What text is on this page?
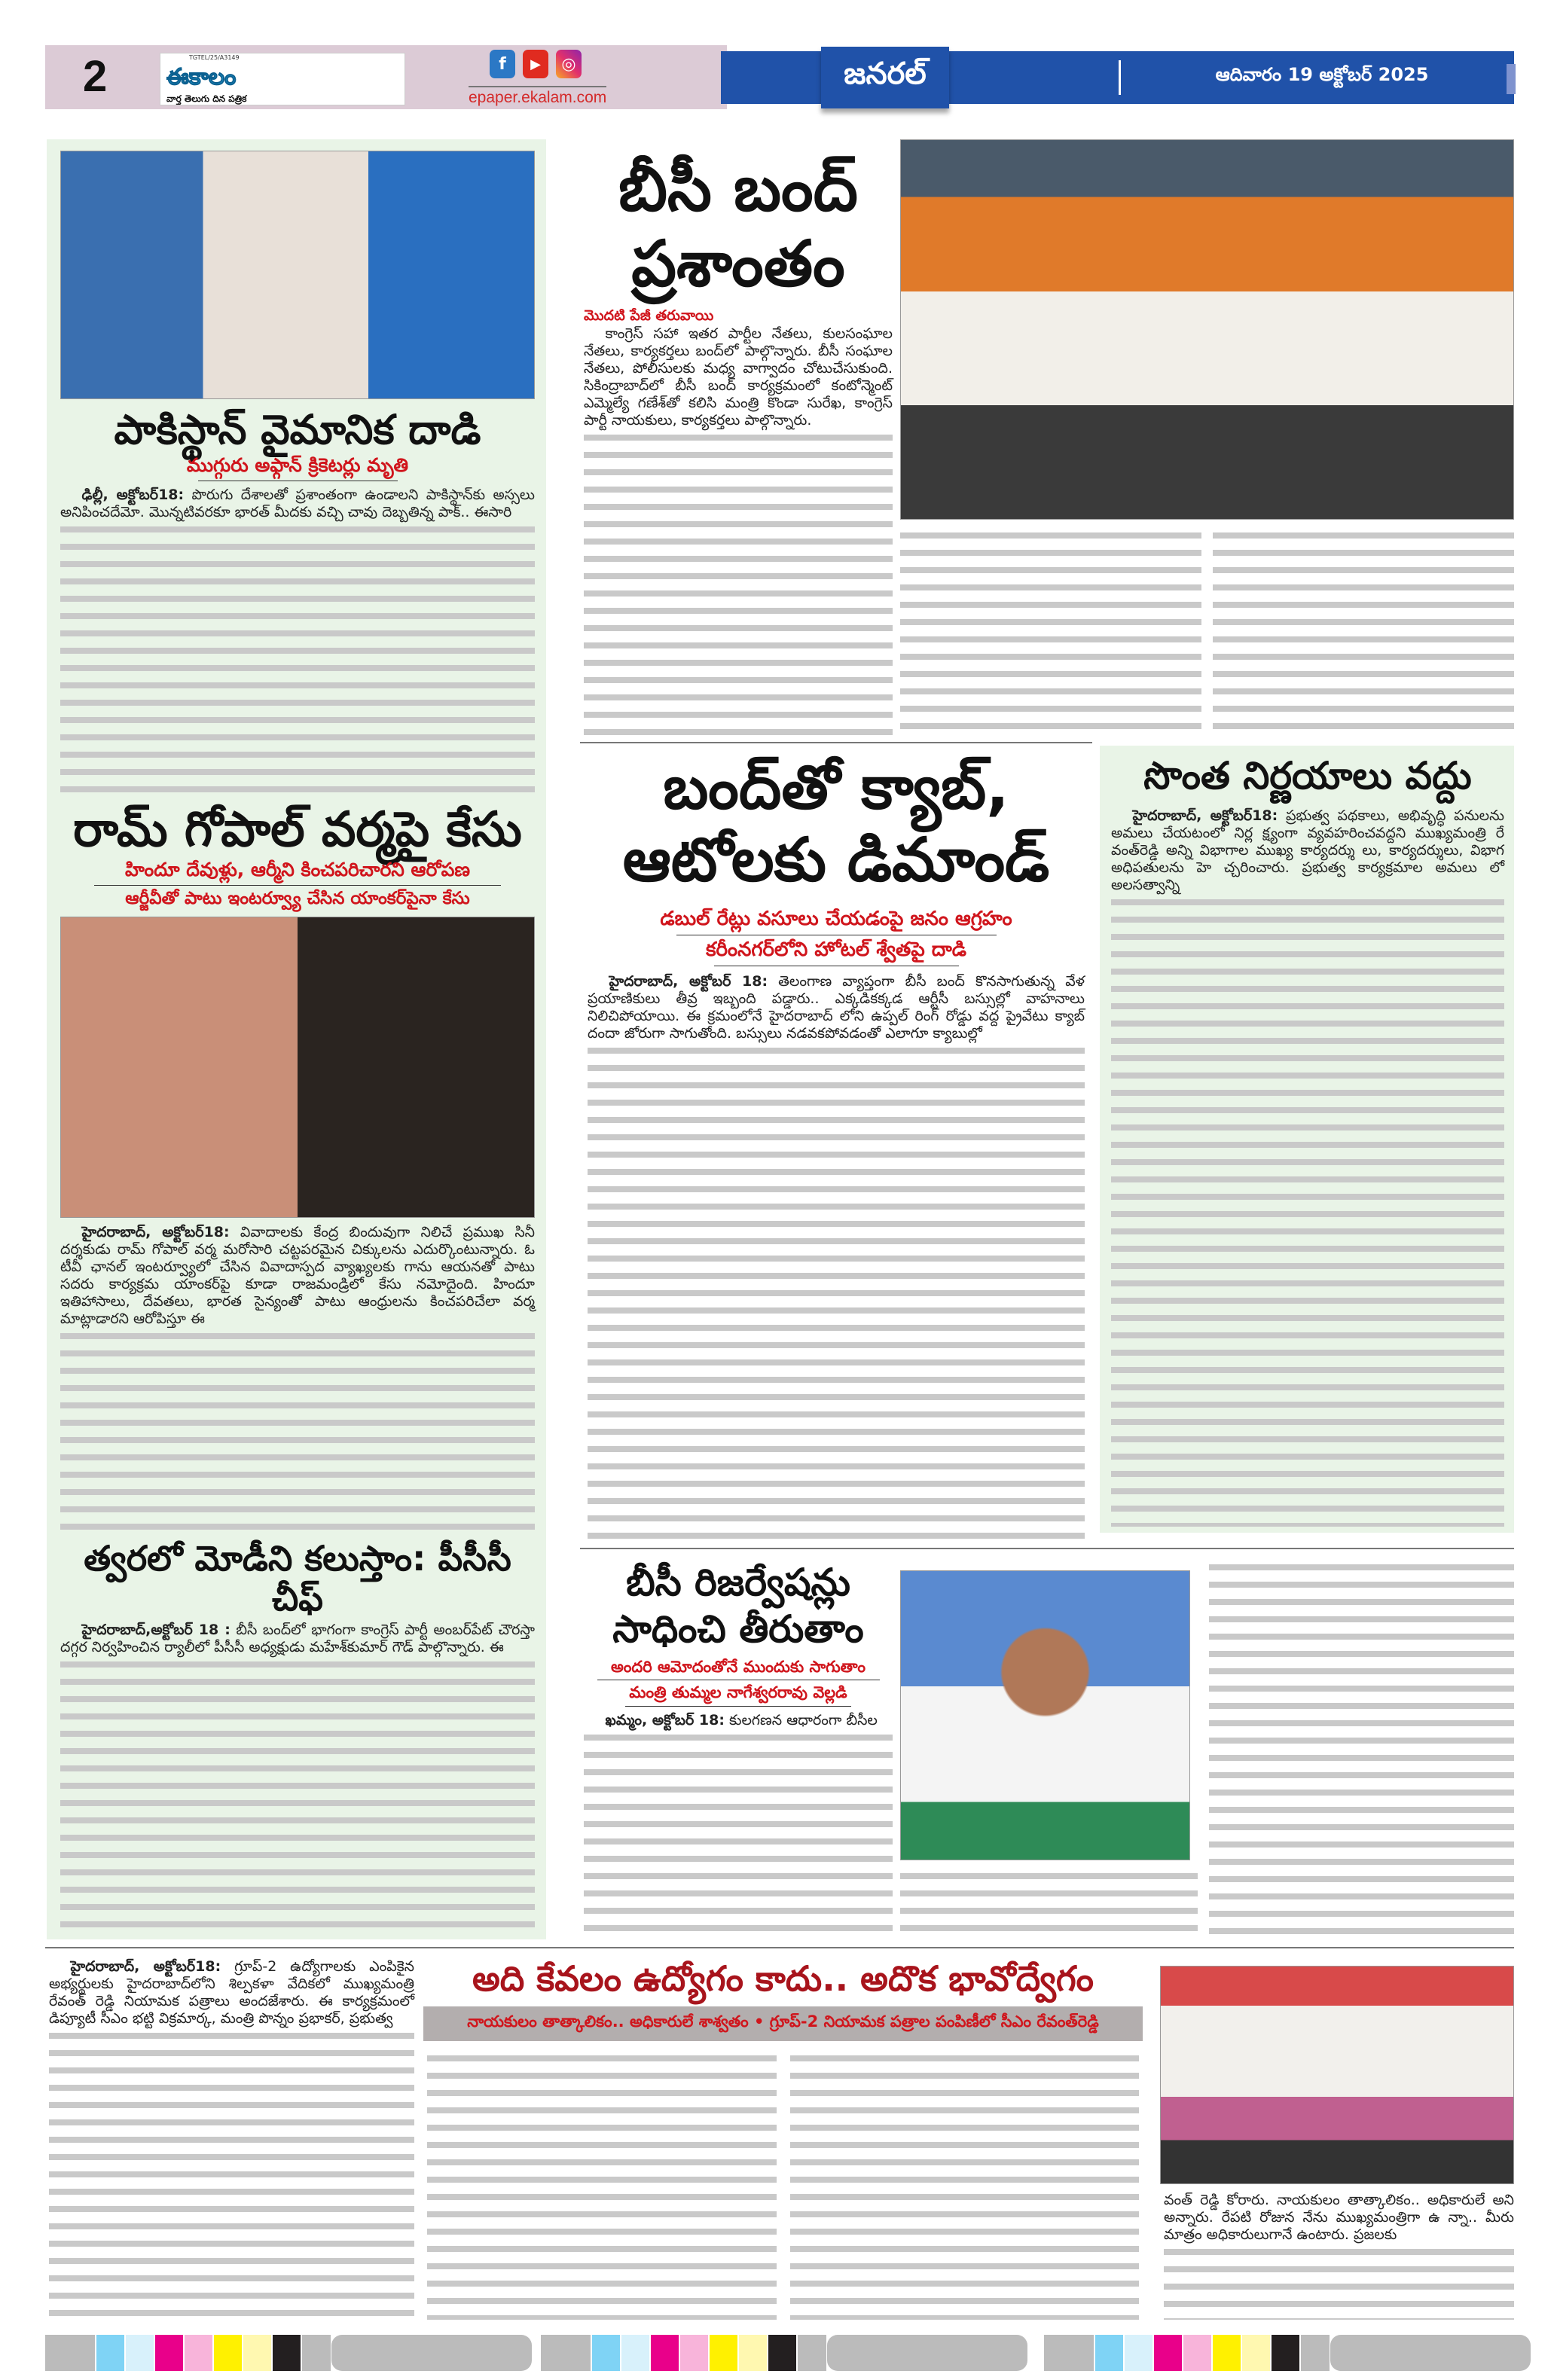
2	TGTEL/25/A3149
ఈకాలం
వార్త తెలుగు దిన పత్రిక
f	▶	◎
epaper.ekalam.com
జనరల్	ఆదివారం 19 అక్టోబర్ 2025
పాకిస్థాన్ వైమానిక దాడి
ముగ్గురు అఫ్గాన్ క్రికెటర్లు మృతి

ఢిల్లీ, అక్టోబర్18: పొరుగు దేశాలతో ప్రశాంతంగా ఉండాలని పాకిస్థాన్‌కు అస్సలు అనిపించదేమో. మొన్నటివరకూ భారత్ మీదకు వచ్చి చావు దెబ్బతిన్న పాక్.. ఈసారి

రామ్ గోపాల్ వర్మపై కేసు
హిందూ దేవుళ్లు, ఆర్మీని కించపరిచారని ఆరోపణ
ఆర్జీవీతో పాటు ఇంటర్వ్యూ చేసిన యాంకర్‌పైనా కేసు

హైదరాబాద్, అక్టోబర్18: వివాదాలకు కేంద్ర బిందువుగా నిలిచే ప్రముఖ సినీ దర్శకుడు రామ్ గోపాల్ వర్మ మరోసారి చట్టపరమైన చిక్కులను ఎదుర్కొంటున్నారు. ఓ టీవీ ఛానల్ ఇంటర్వ్యూలో చేసిన వివాదాస్పద వ్యాఖ్యలకు గాను ఆయనతో పాటు సదరు కార్యక్రమ యాంకర్‌పై కూడా రాజమండ్రిలో కేసు నమోదైంది. హిందూ ఇతిహాసాలు, దేవతలు, భారత సైన్యంతో పాటు ఆంధ్రులను కించపరిచేలా వర్మ మాట్లాడారని ఆరోపిస్తూ ఈ

త్వరలో మోడీని కలుస్తాం: పీసీసీ చీఫ్

హైదరాబాద్,అక్టోబర్ 18 : బీసీ బంద్‌లో భాగంగా కాంగ్రెస్ పార్టీ అంబర్‌పేట్ చౌరస్తా దగ్గర నిర్వహించిన ర్యాలీలో పీసీసీ అధ్యక్షుడు మహేశ్‌కుమార్ గౌడ్ పాల్గొన్నారు. ఈ

బీసీ బంద్
ప్రశాంతం
మొదటి పేజీ తరువాయి

కాంగ్రెస్ సహా ఇతర పార్టీల నేతలు, కులసంఘాల నేతలు, కార్యకర్తలు బంద్‌లో పాల్గొన్నారు. బీసీ సంఘాల నేతలు, పోలీసులకు మధ్య వాగ్వాదం చోటుచేసుకుంది. సికింద్రాబాద్‌లో బీసీ బంద్ కార్యక్రమంలో కంటోన్మెంట్ ఎమ్మెల్యే గణేశ్‌తో కలిసి మంత్రి కొండా సురేఖ, కాంగ్రెస్ పార్టీ నాయకులు, కార్యకర్తలు పాల్గొన్నారు.

బంద్‌తో క్యాబ్,
ఆటోలకు డిమాండ్
డబుల్ రేట్లు వసూలు చేయడంపై జనం ఆగ్రహం
కరీంనగర్‌లోని హోటల్ శ్వేతపై దాడి

హైదరాబాద్, అక్టోబర్ 18: తెలంగాణ వ్యాప్తంగా బీసీ బంద్ కొనసాగుతున్న వేళ ప్రయాణికులు తీవ్ర ఇబ్బంది పడ్డారు.. ఎక్కడికక్కడ ఆర్టీసీ బస్సుల్లో వాహనాలు నిలిచిపోయాయి. ఈ క్రమంలోనే హైదరాబాద్ లోని ఉప్పల్ రింగ్ రోడ్డు వద్ద ప్రైవేటు క్యాబ్ దందా జోరుగా సాగుతోంది. బస్సులు నడవకపోవడంతో ఎలాగూ క్యాబుల్లో

సొంత నిర్ణయాలు వద్దు

హైదరాబాద్, అక్టోబర్18: ప్రభుత్వ పథకాలు, అభివృద్ధి పనులను అమలు చేయటంలో నిర్ల క్ష్యంగా వ్యవహరించవద్దని ముఖ్యమంత్రి రే వంత్‌రెడ్డి అన్ని విభాగాల ముఖ్య కార్యదర్శు లు, కార్యదర్శులు, విభాగ అధిపతులను హె చ్చరించారు. ప్రభుత్వ కార్యక్రమాల అమలు లో అలసత్వాన్ని

బీసీ రిజర్వేషన్లు
సాధించి తీరుతాం
అందరి ఆమోదంతోనే ముందుకు సాగుతాం
మంత్రి తుమ్మల నాగేశ్వరరావు వెల్లడి

ఖమ్మం, అక్టోబర్ 18: కులగణన ఆధారంగా బీసీల

హైదరాబాద్, అక్టోబర్18: గ్రూప్-2 ఉద్యోగాలకు ఎంపికైన అభ్యర్థులకు హైదరాబాద్‌లోని శిల్పకళా వేదికలో ముఖ్యమంత్రి రేవంత్ రెడ్డి నియామక పత్రాలు అందజేశారు. ఈ కార్యక్రమంలో డిప్యూటీ సీఎం భట్టి విక్రమార్క, మంత్రి పొన్నం ప్రభాకర్, ప్రభుత్వ

అది కేవలం ఉద్యోగం కాదు.. అదొక భావోద్వేగం
నాయకులం తాత్కాలికం.. అధికారులే శాశ్వతం • గ్రూప్-2 నియామక పత్రాల పంపిణీలో సీఎం రేవంత్‌రెడ్డి

వంత్ రెడ్డి కోరారు. నాయకులం తాత్కాలికం.. అధికారులే అని అన్నారు. రేపటి రోజున నేను ముఖ్యమంత్రిగా ఉ న్నా.. మీరు మాత్రం అధికారులుగానే ఉంటారు. ప్రజలకు
